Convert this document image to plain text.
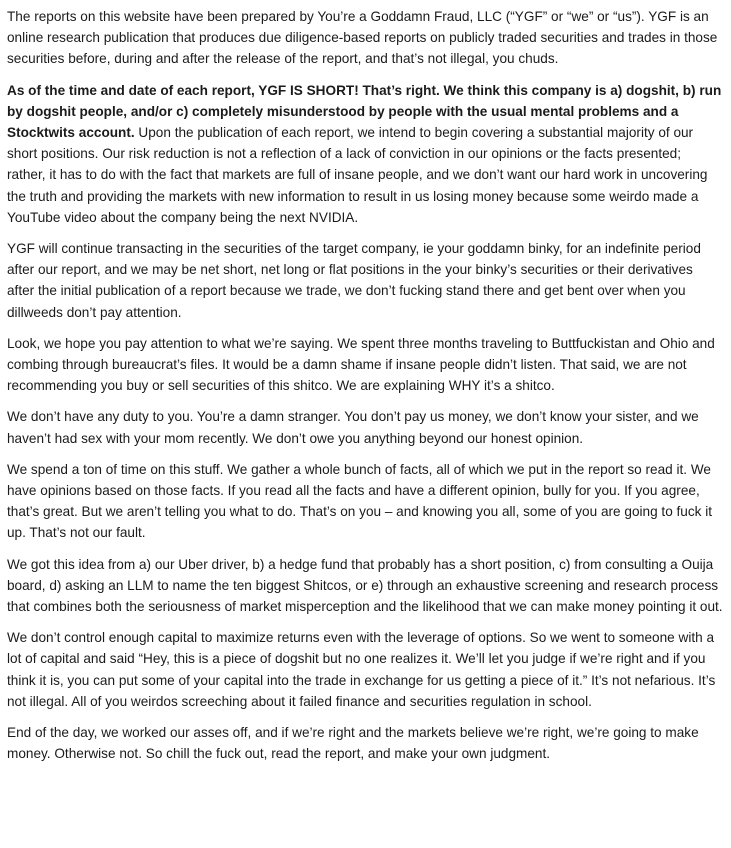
The reports on this website have been prepared by You’re a Goddamn Fraud, LLC (“YGF” or “we” or “us”). YGF is an online research publication that produces due diligence-based reports on publicly traded securities and trades in those securities before, during and after the release of the report, and that’s not illegal, you chuds.

As of the time and date of each report, YGF IS SHORT! That’s right. We think this company is a) dogshit, b) run by dogshit people, and/or c) completely misunderstood by people with the usual mental problems and a Stocktwits account. Upon the publication of each report, we intend to begin covering a substantial majority of our short positions. Our risk reduction is not a reflection of a lack of conviction in our opinions or the facts presented; rather, it has to do with the fact that markets are full of insane people, and we don’t want our hard work in uncovering the truth and providing the markets with new information to result in us losing money because some weirdo made a YouTube video about the company being the next NVIDIA.

YGF will continue transacting in the securities of the target company, ie your goddamn binky, for an indefinite period after our report, and we may be net short, net long or flat positions in the your binky’s securities or their derivatives after the initial publication of a report because we trade, we don’t fucking stand there and get bent over when you dillweeds don’t pay attention.

Look, we hope you pay attention to what we’re saying. We spent three months traveling to Buttfuckistan and Ohio and combing through bureaucrat’s files. It would be a damn shame if insane people didn’t listen. That said, we are not recommending you buy or sell securities of this shitco. We are explaining WHY it’s a shitco.

We don’t have any duty to you. You’re a damn stranger. You don’t pay us money, we don’t know your sister, and we haven’t had sex with your mom recently. We don’t owe you anything beyond our honest opinion.

We spend a ton of time on this stuff. We gather a whole bunch of facts, all of which we put in the report so read it. We have opinions based on those facts. If you read all the facts and have a different opinion, bully for you. If you agree, that’s great. But we aren’t telling you what to do. That’s on you – and knowing you all, some of you are going to fuck it up. That’s not our fault.

We got this idea from a) our Uber driver, b) a hedge fund that probably has a short position, c) from consulting a Ouija board, d) asking an LLM to name the ten biggest Shitcos, or e) through an exhaustive screening and research process that combines both the seriousness of market misperception and the likelihood that we can make money pointing it out.

We don’t control enough capital to maximize returns even with the leverage of options. So we went to someone with a lot of capital and said “Hey, this is a piece of dogshit but no one realizes it. We’ll let you judge if we’re right and if you think it is, you can put some of your capital into the trade in exchange for us getting a piece of it.” It’s not nefarious. It’s not illegal. All of you weirdos screeching about it failed finance and securities regulation in school.

End of the day, we worked our asses off, and if we’re right and the markets believe we’re right, we’re going to make money. Otherwise not. So chill the fuck out, read the report, and make your own judgment.
